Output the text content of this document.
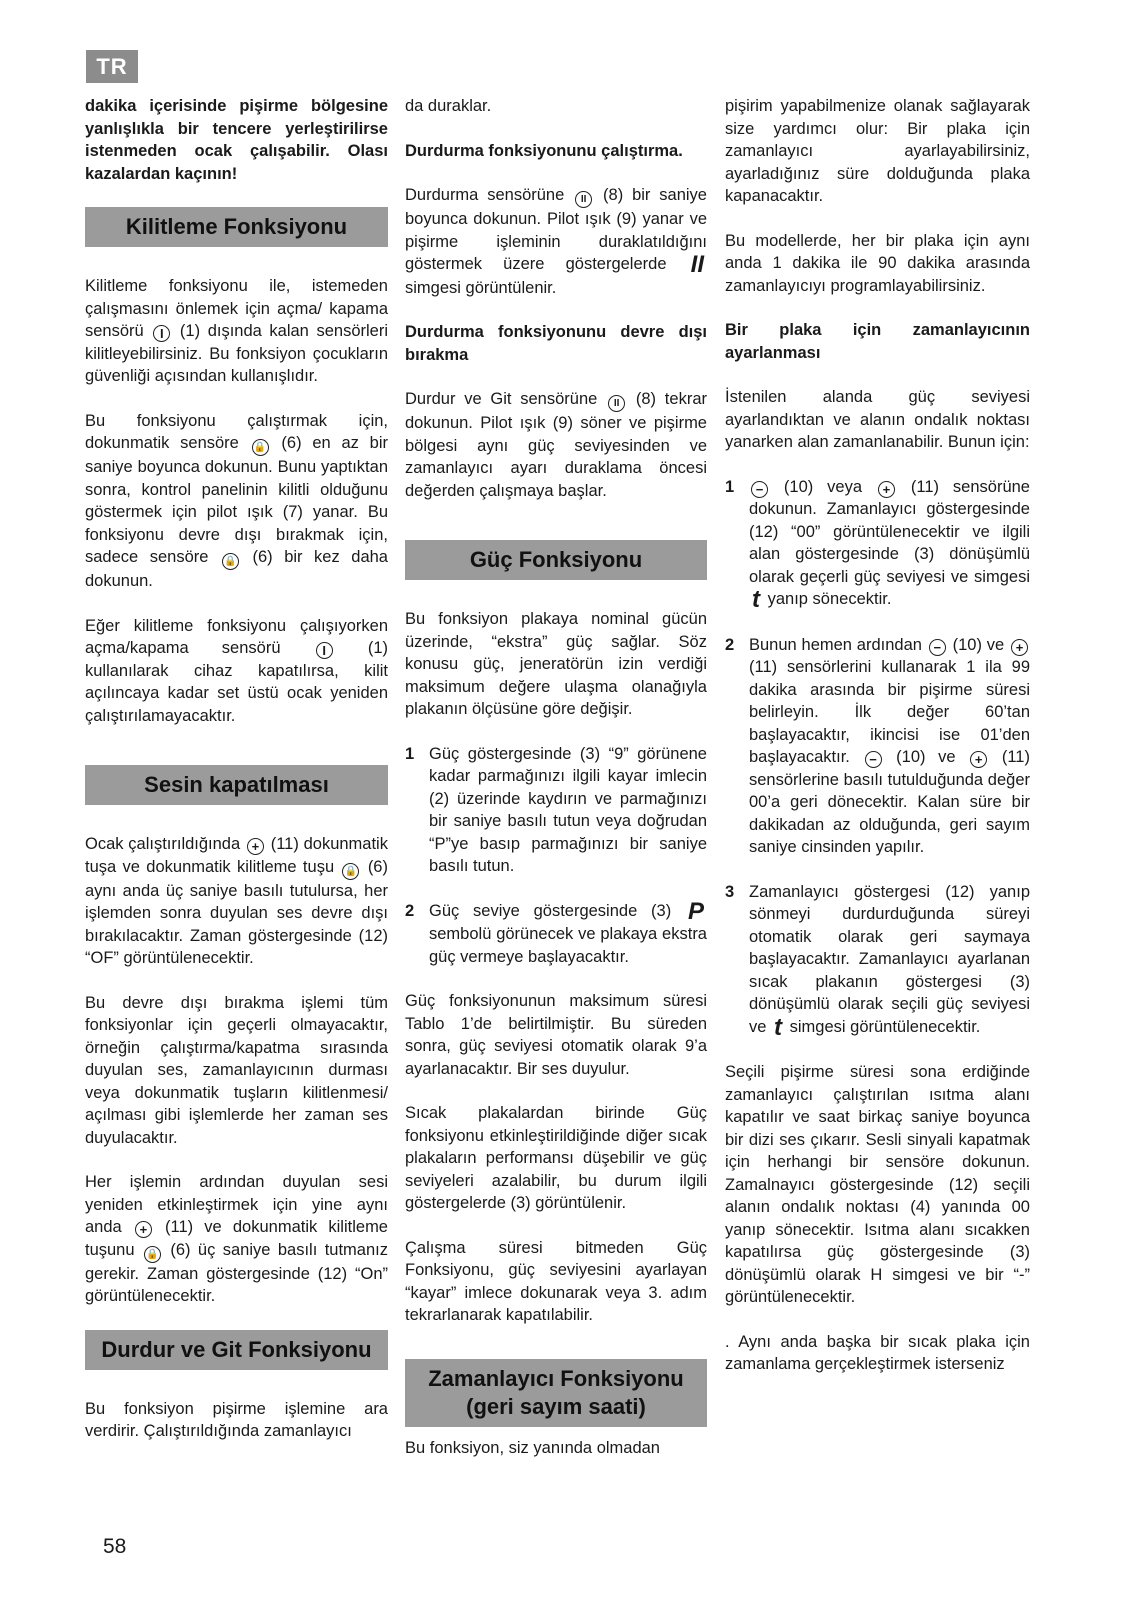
TR

dakika içerisinde pişirme bölgesine yanlışlıkla bir tencere yerleştirilirse istenmeden ocak çalışabilir. Olası kazalardan kaçının!

Kilitleme Fonksiyonu

Kilitleme fonksiyonu ile, istemeden çalışmasını önlemek için açma/ kapama sensörü I (1) dışında kalan sensörleri kilitleyebilirsiniz. Bu fonksiyon çocukların güvenliği açısından kullanışlıdır.

Bu fonksiyonu çalıştırmak için, dokunmatik sensöre 🔒 (6) en az bir saniye boyunca dokunun. Bunu yaptıktan sonra, kontrol panelinin kilitli olduğunu göstermek için pilot ışık (7) yanar. Bu fonksiyonu devre dışı bırakmak için, sadece sensöre 🔒 (6) bir kez daha dokunun.

Eğer kilitleme fonksiyonu çalışıyorken açma/kapama sensörü	I	(1) kullanılarak cihaz kapatılırsa, kilit açılıncaya kadar set üstü ocak yeniden çalıştırılamayacaktır.

Sesin kapatılması

Ocak çalıştırıldığında + (11) dokunmatik tuşa ve dokunmatik kilitleme tuşu 🔒 (6) aynı anda üç saniye basılı tutulursa, her işlemden sonra duyulan ses devre dışı bırakılacaktır. Zaman göstergesinde (12) “OF” görüntülenecektir.

Bu devre dışı bırakma işlemi tüm fonksiyonlar için geçerli olmayacaktır, örneğin çalıştırma/kapatma sırasında duyulan ses, zamanlayıcının durması veya dokunmatik tuşların kilitlenmesi/ açılması gibi işlemlerde her zaman ses duyulacaktır.

Her işlemin ardından duyulan sesi yeniden etkinleştirmek için yine aynı anda + (11) ve dokunmatik kilitleme tuşunu 🔒 (6) üç saniye basılı tutmanız gerekir. Zaman göstergesinde (12) “On” görüntülenecektir.

Durdur ve Git Fonksiyonu

Bu fonksiyon pişirme işlemine ara verdirir. Çalıştırıldığında zamanlayıcı

da duraklar.

Durdurma fonksiyonunu çalıştırma.

Durdurma sensörüne II (8) bir saniye boyunca dokunun. Pilot ışık (9) yanar ve pişirme işleminin duraklatıldığını göstermek üzere göstergelerde II simgesi görüntülenir.

Durdurma fonksiyonunu devre dışı bırakma

Durdur ve Git sensörüne II (8) tekrar dokunun. Pilot ışık (9) söner ve pişirme bölgesi aynı güç seviyesinden ve zamanlayıcı ayarı duraklama öncesi değerden çalışmaya başlar.

Güç Fonksiyonu

Bu fonksiyon plakaya nominal gücün üzerinde, “ekstra” güç sağlar. Söz konusu güç, jeneratörün izin verdiği maksimum değere ulaşma olanağıyla plakanın ölçüsüne göre değişir.

1 Güç göstergesinde (3) “9” görünene kadar parmağınızı ilgili kayar imlecin (2) üzerinde kaydırın ve parmağınızı bir saniye basılı tutun veya doğrudan “P”ye basıp parmağınızı bir saniye basılı tutun.
2 Güç seviye göstergesinde (3) P sembolü görünecek ve plakaya ekstra güç vermeye başlayacaktır.

Güç fonksiyonunun maksimum süresi Tablo 1’de belirtilmiştir. Bu süreden sonra, güç seviyesi otomatik olarak 9’a ayarlanacaktır. Bir ses duyulur.

Sıcak plakalardan birinde Güç fonksiyonu etkinleştirildiğinde diğer sıcak plakaların performansı düşebilir ve güç seviyeleri azalabilir, bu durum ilgili göstergelerde (3) görüntülenir.

Çalışma süresi bitmeden Güç Fonksiyonu, güç seviyesini ayarlayan “kayar” imlece dokunarak veya 3. adım tekrarlanarak kapatılabilir.

Zamanlayıcı Fonksiyonu
(geri sayım saati)

Bu fonksiyon, siz yanında olmadan

pişirim yapabilmenize olanak sağlayarak size yardımcı olur: Bir plaka için zamanlayıcı ayarlayabilirsiniz, ayarladığınız süre dolduğunda plaka kapanacaktır.

Bu modellerde, her bir plaka için aynı anda 1 dakika ile 90 dakika arasında zamanlayıcıyı programlayabilirsiniz.

Bir plaka için zamanlayıcının ayarlanması

İstenilen alanda güç seviyesi ayarlandıktan ve alanın ondalık noktası yanarken alan zamanlanabilir. Bunun için:

1	− (10) veya + (11) sensörüne dokunun. Zamanlayıcı göstergesinde (12) “00” görüntülenecektir ve ilgili alan göstergesinde (3) dönüşümlü olarak geçerli güç seviyesi ve simgesi t yanıp sönecektir.
2 Bunun hemen ardından − (10) ve + (11) sensörlerini kullanarak 1 ila 99 dakika arasında bir pişirme süresi belirleyin. İlk değer 60’tan başlayacaktır, ikincisi ise 01’den başlayacaktır. − (10) ve + (11) sensörlerine basılı tutulduğunda değer 00’a geri dönecektir. Kalan süre bir dakikadan az olduğunda, geri sayım saniye cinsinden yapılır.
3 Zamanlayıcı göstergesi (12) yanıp sönmeyi durdurduğunda süreyi otomatik olarak geri saymaya başlayacaktır. Zamanlayıcı ayarlanan sıcak plakanın göstergesi (3) dönüşümlü olarak seçili güç seviyesi ve t simgesi görüntülenecektir.

Seçili pişirme süresi sona erdiğinde zamanlayıcı çalıştırılan ısıtma alanı kapatılır ve saat birkaç saniye boyunca bir dizi ses çıkarır. Sesli sinyali kapatmak için herhangi bir sensöre dokunun. Zamalnayıcı göstergesinde (12) seçili alanın ondalık noktası (4) yanında 00 yanıp sönecektir. Isıtma alanı sıcakken kapatılırsa güç göstergesinde (3) dönüşümlü olarak H simgesi ve bir “-” görüntülenecektir.

. Aynı anda başka bir sıcak plaka için zamanlama gerçekleştirmek isterseniz

58
